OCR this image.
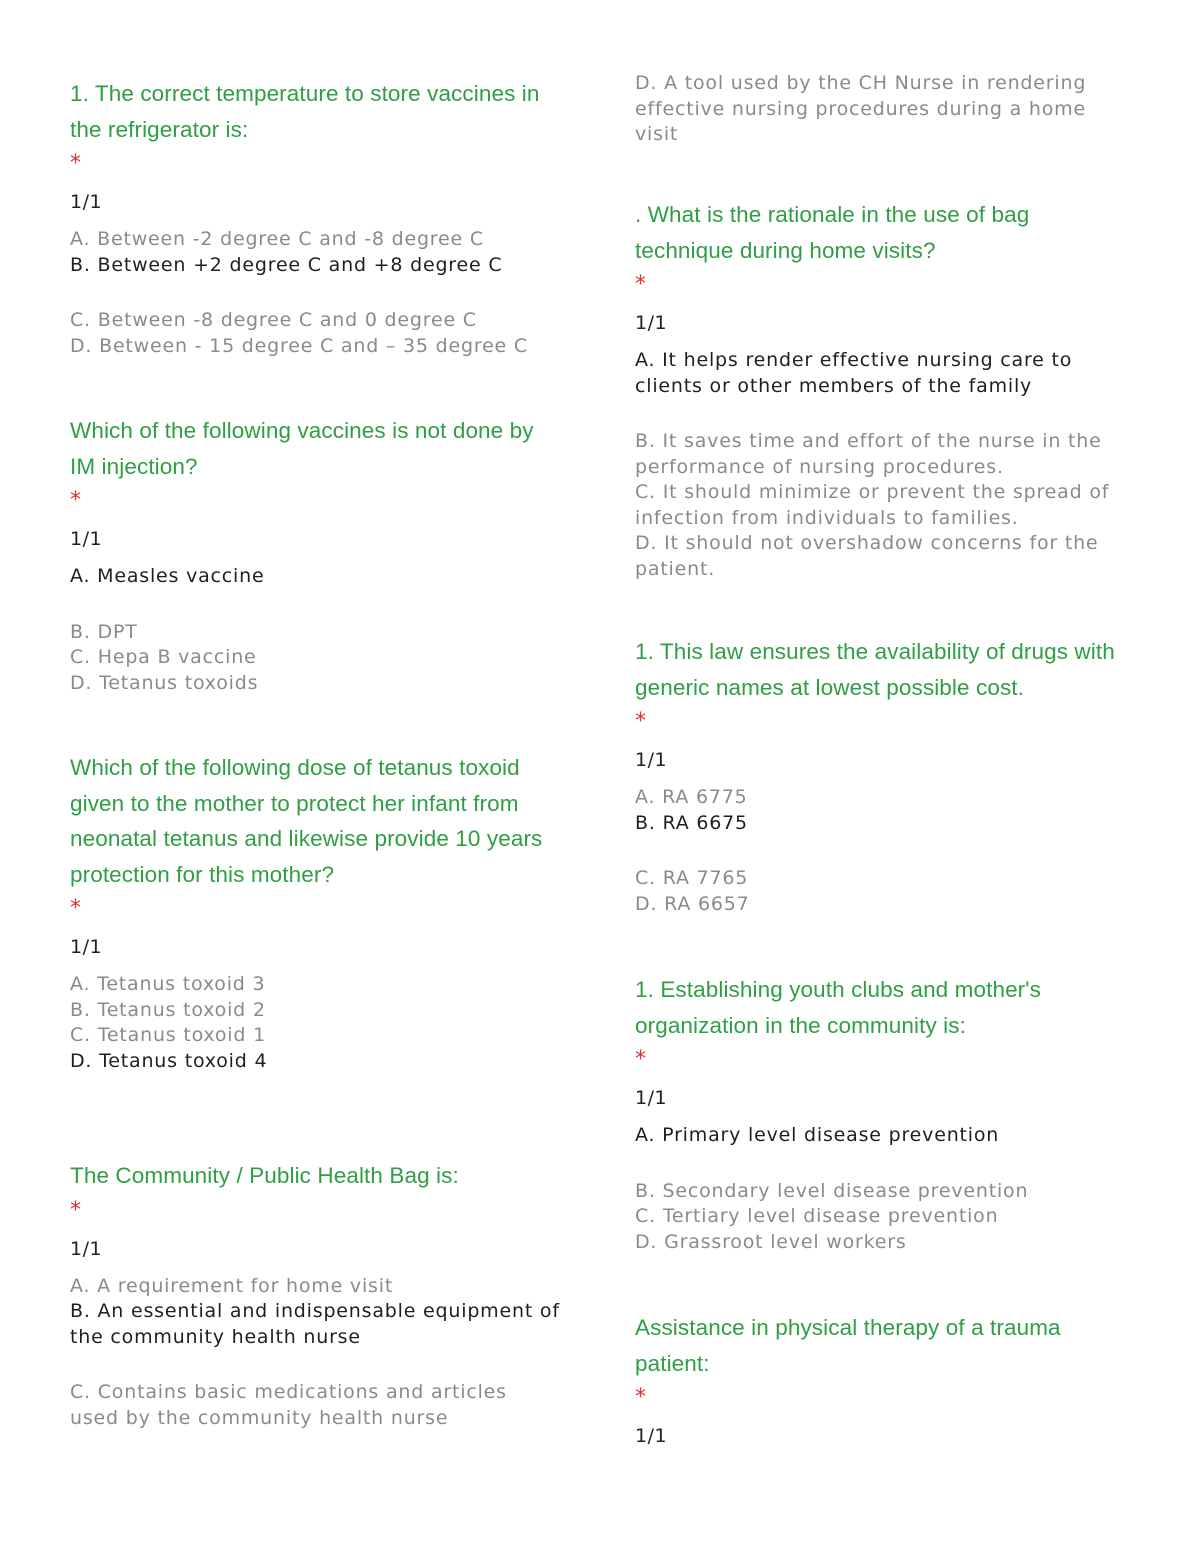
1. The correct temperature to store vaccines in the refrigerator is:
*
1/1
A. Between -2 degree C and -8 degree C
B. Between +2 degree C and +8 degree C
C. Between -8 degree C and 0 degree C
D. Between - 15 degree C and – 35 degree C
Which of the following vaccines is not done by IM injection?
*
1/1
A. Measles vaccine
B. DPT
C. Hepa B vaccine
D. Tetanus toxoids
Which of the following dose of tetanus toxoid given to the mother to protect her infant from neonatal tetanus and likewise provide 10 years protection for this mother?
*
1/1
A. Tetanus toxoid 3
B. Tetanus toxoid 2
C. Tetanus toxoid 1
D. Tetanus toxoid 4
The Community / Public Health Bag is:
*
1/1
A. A requirement for home visit
B. An essential and indispensable equipment of the community health nurse
C. Contains basic medications and articles used by the community health nurse
D. A tool used by the CH Nurse in rendering effective nursing procedures during a home visit
. What is the rationale in the use of bag technique during home visits?
*
1/1
A. It helps render effective nursing care to clients or other members of the family
B. It saves time and effort of the nurse in the performance of nursing procedures.
C. It should minimize or prevent the spread of infection from individuals to families.
D. It should not overshadow concerns for the patient.
1. This law ensures the availability of drugs with generic names at lowest possible cost.
*
1/1
A. RA 6775
B. RA 6675
C. RA 7765
D. RA 6657
1. Establishing youth clubs and mother's organization in the community is:
*
1/1
A. Primary level disease prevention
B. Secondary level disease prevention
C. Tertiary level disease prevention
D. Grassroot level workers
Assistance in physical therapy of a trauma patient:
*
1/1
